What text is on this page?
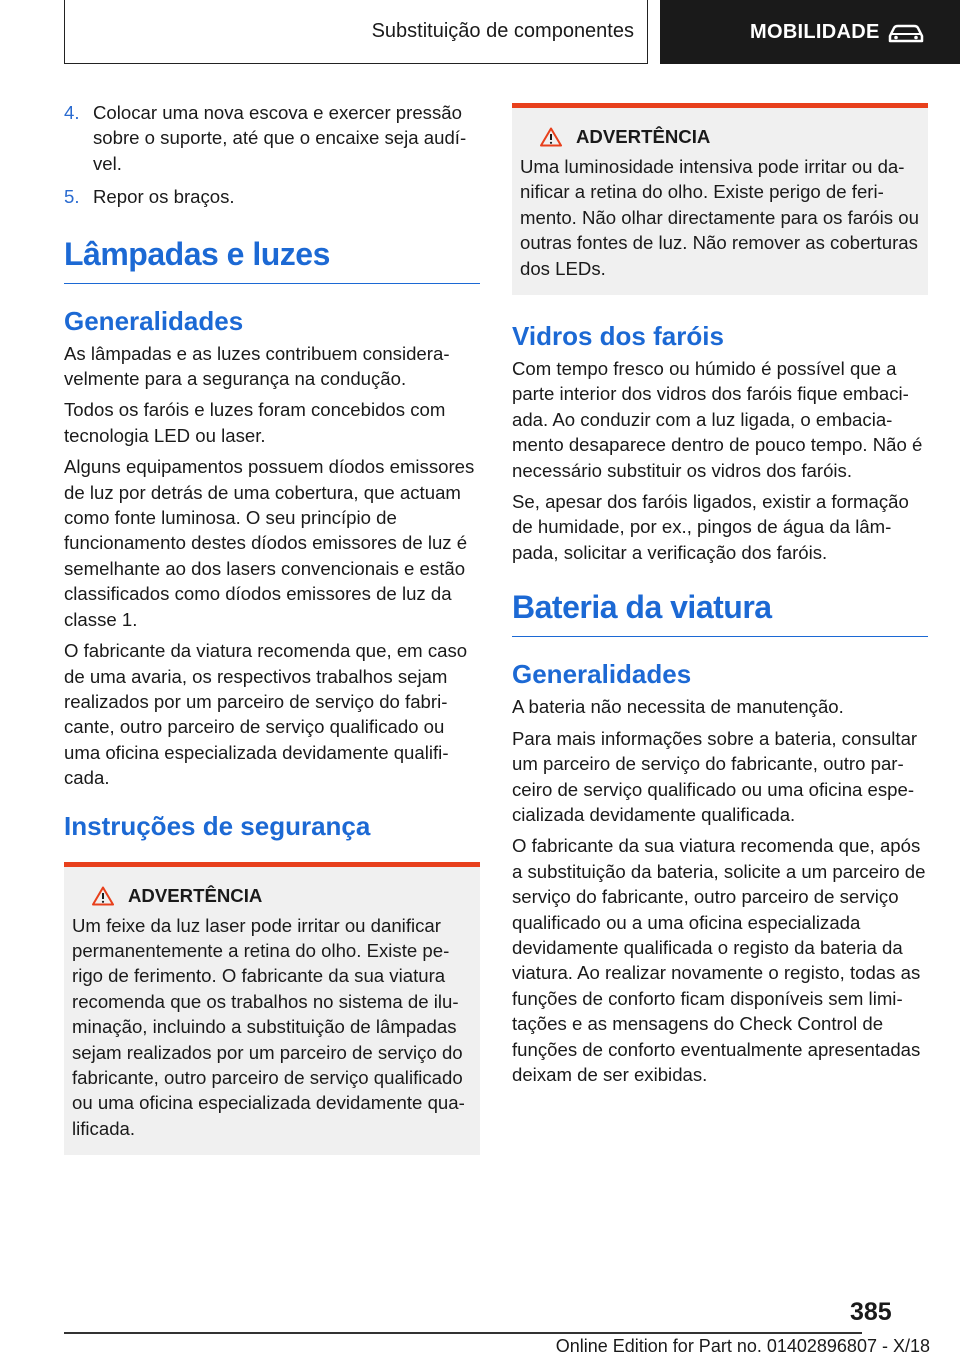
Substituição de componentes	MOBILIDADE
4. Colocar uma nova escova e exercer pressão sobre o suporte, até que o encaixe seja audível.
5. Repor os braços.
Lâmpadas e luzes
Generalidades

As lâmpadas e as luzes contribuem consideravelmente para a segurança na condução.

Todos os faróis e luzes foram concebidos com tecnologia LED ou laser.

Alguns equipamentos possuem díodos emissores de luz por detrás de uma cobertura, que actuam como fonte luminosa. O seu princípio de funcionamento destes díodos emissores de luz é semelhante ao dos lasers convencionais e estão classificados como díodos emissores de luz da classe 1.

O fabricante da viatura recomenda que, em caso de uma avaria, os respectivos trabalhos sejam realizados por um parceiro de serviço do fabricante, outro parceiro de serviço qualificado ou uma oficina especializada devidamente qualificada.

Instruções de segurança
ADVERTÊNCIA

Um feixe da luz laser pode irritar ou danificar permanentemente a retina do olho. Existe perigo de ferimento. O fabricante da sua viatura recomenda que os trabalhos no sistema de iluminação, incluindo a substituição de lâmpadas sejam realizados por um parceiro de serviço do fabricante, outro parceiro de serviço qualificado ou uma oficina especializada devidamente qualificada.

ADVERTÊNCIA

Uma luminosidade intensiva pode irritar ou danificar a retina do olho. Existe perigo de ferimento. Não olhar directamente para os faróis ou outras fontes de luz. Não remover as coberturas dos LEDs.

Vidros dos faróis

Com tempo fresco ou húmido é possível que a parte interior dos vidros dos faróis fique embaciada. Ao conduzir com a luz ligada, o embaciamento desaparece dentro de pouco tempo. Não é necessário substituir os vidros dos faróis.

Se, apesar dos faróis ligados, existir a formação de humidade, por ex., pingos de água da lâmpada, solicitar a verificação dos faróis.

Bateria da viatura
Generalidades

A bateria não necessita de manutenção.

Para mais informações sobre a bateria, consultar um parceiro de serviço do fabricante, outro parceiro de serviço qualificado ou uma oficina especializada devidamente qualificada.

O fabricante da sua viatura recomenda que, após a substituição da bateria, solicite a um parceiro de serviço do fabricante, outro parceiro de serviço qualificado ou a uma oficina especializada devidamente qualificada o registo da bateria da viatura. Ao realizar novamente o registo, todas as funções de conforto ficam disponíveis sem limitações e as mensagens do Check Control de funções de conforto eventualmente apresentadas deixam de ser exibidas.

385
Online Edition for Part no. 01402896807 - X/18
